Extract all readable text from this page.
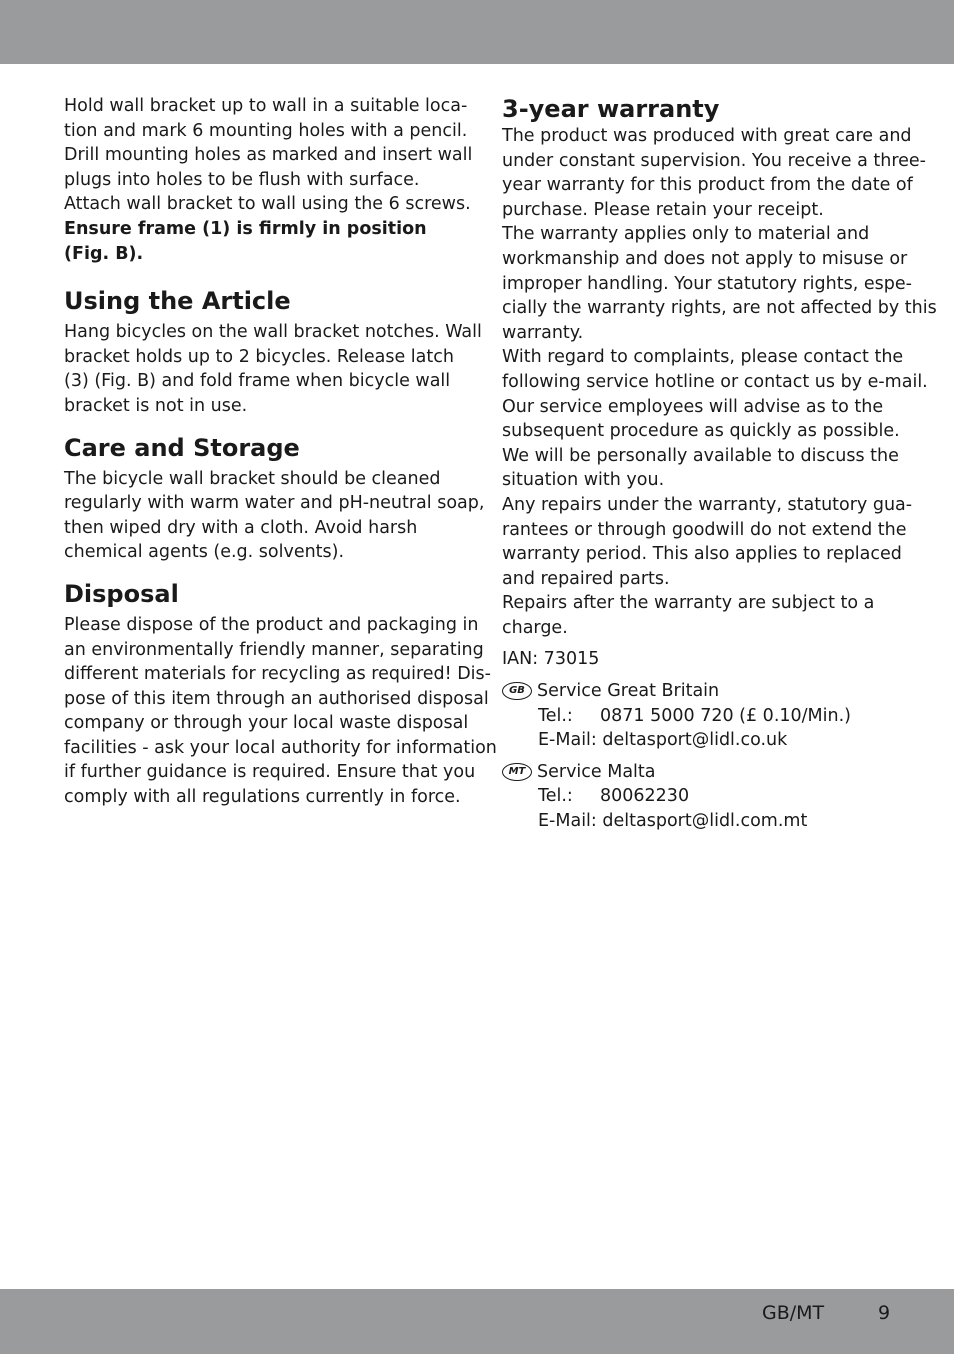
Hold wall bracket up to wall in a suitable loca-
tion and mark 6 mounting holes with a pencil.
Drill mounting holes as marked and insert wall
plugs into holes to be flush with surface.
Attach wall bracket to wall using the 6 screws.
Ensure frame (1) is firmly in position
(Fig. B).
Using the Article
Hang bicycles on the wall bracket notches. Wall
bracket holds up to 2 bicycles. Release latch
(3) (Fig. B) and fold frame when bicycle wall
bracket is not in use.
Care and Storage
The bicycle wall bracket should be cleaned
regularly with warm water and pH-neutral soap,
then wiped dry with a cloth. Avoid harsh
chemical agents (e.g. solvents).
Disposal
Please dispose of the product and packaging in
an environmentally friendly manner, separating
different materials for recycling as required! Dis-
pose of this item through an authorised disposal
company or through your local waste disposal
facilities - ask your local authority for information
if further guidance is required. Ensure that you
comply with all regulations currently in force.
3-year warranty
The product was produced with great care and
under constant supervision. You receive a three-
year warranty for this product from the date of
purchase. Please retain your receipt.
The warranty applies only to material and
workmanship and does not apply to misuse or
improper handling. Your statutory rights, espe-
cially the warranty rights, are not affected by this
warranty.
With regard to complaints, please contact the
following service hotline or contact us by e-mail.
Our service employees will advise as to the
subsequent procedure as quickly as possible.
We will be personally available to discuss the
situation with you.
Any repairs under the warranty, statutory gua-
rantees or through goodwill do not extend the
warranty period. This also applies to replaced
and repaired parts.
Repairs after the warranty are subject to a
charge.
IAN: 73015
GB Service Great Britain
Tel.: 0871 5000 720 (£ 0.10/Min.)
E-Mail: deltasport@lidl.co.uk
MT Service Malta
Tel.: 80062230
E-Mail: deltasport@lidl.com.mt
GB/MT	9
